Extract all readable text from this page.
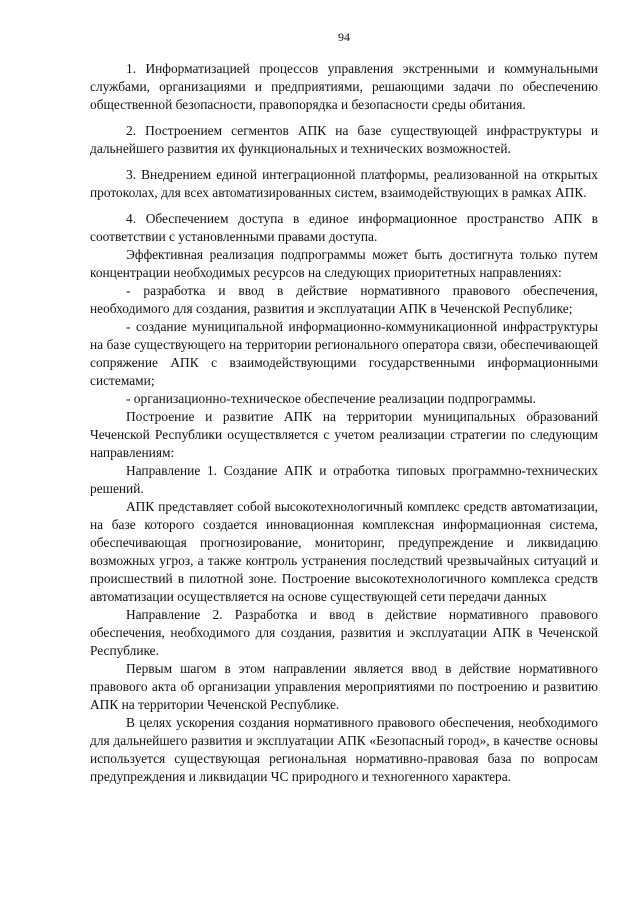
94

1. Информатизацией процессов управления экстренными и коммунальными службами, организациями и предприятиями, решающими задачи по обеспечению общественной безопасности, правопорядка и безопасности среды обитания.

2. Построением сегментов АПК на базе существующей инфраструктуры и дальнейшего развития их функциональных и технических возможностей.

3. Внедрением единой интеграционной платформы, реализованной на открытых протоколах, для всех автоматизированных систем, взаимодействующих в рамках АПК.

4. Обеспечением доступа в единое информационное пространство АПК в соответствии с установленными правами доступа.

Эффективная реализация подпрограммы может быть достигнута только путем концентрации необходимых ресурсов на следующих приоритетных направлениях:

- разработка и ввод в действие нормативного правового обеспечения, необходимого для создания, развития и эксплуатации АПК в Чеченской Республике;

- создание муниципальной информационно-коммуникационной инфраструктуры на базе существующего на территории регионального оператора связи, обеспечивающей сопряжение АПК с взаимодействующими государственными информационными системами;

- организационно-техническое обеспечение реализации подпрограммы.

Построение и развитие АПК на территории муниципальных образований Чеченской Республики осуществляется с учетом реализации стратегии по следующим направлениям:

Направление 1. Создание АПК и отработка типовых программно-технических решений.

АПК представляет собой высокотехнологичный комплекс средств автоматизации, на базе которого создается инновационная комплексная информационная система, обеспечивающая прогнозирование, мониторинг, предупреждение и ликвидацию возможных угроз, а также контроль устранения последствий чрезвычайных ситуаций и происшествий в пилотной зоне. Построение высокотехнологичного комплекса средств автоматизации осуществляется на основе существующей сети передачи данных

Направление 2. Разработка и ввод в действие нормативного правового обеспечения, необходимого для создания, развития и эксплуатации АПК в Чеченской Республике.

Первым шагом в этом направлении является ввод в действие нормативного правового акта об организации управления мероприятиями по построению и развитию АПК на территории Чеченской Республике.

В целях ускорения создания нормативного правового обеспечения, необходимого для дальнейшего развития и эксплуатации АПК «Безопасный город», в качестве основы используется существующая региональная нормативно-правовая база по вопросам предупреждения и ликвидации ЧС природного и техногенного характера.
